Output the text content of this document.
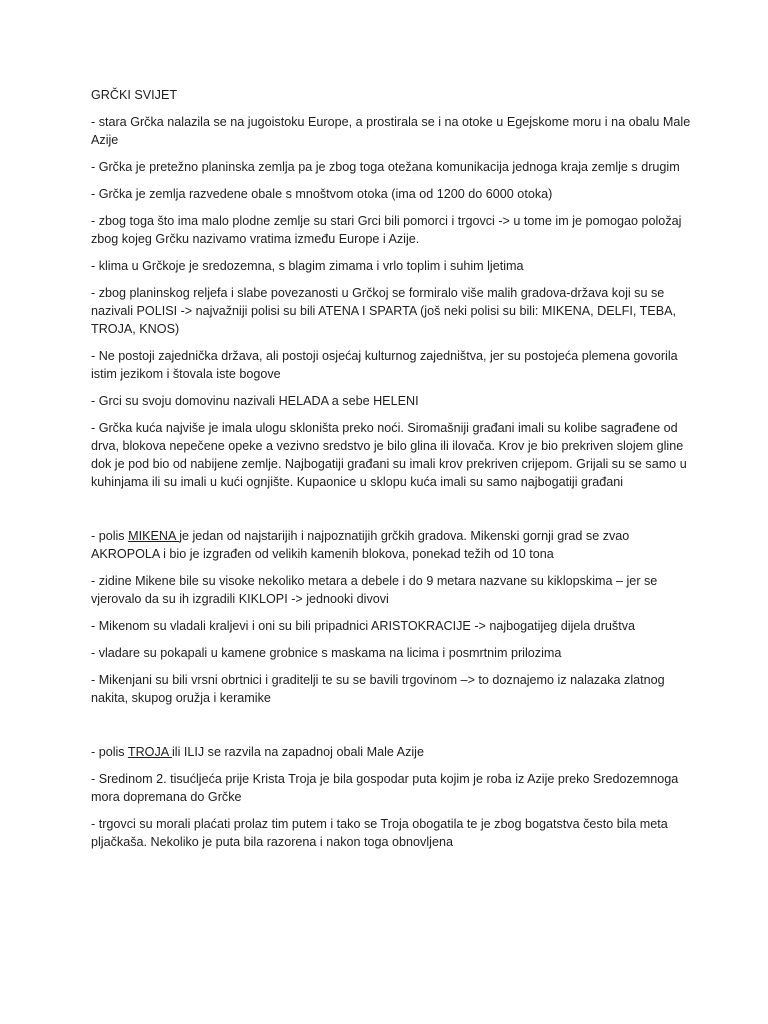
GRČKI SVIJET
- stara Grčka nalazila se na jugoistoku Europe, a prostirala se i na otoke u Egejskome moru i na obalu Male Azije
- Grčka je pretežno planinska zemlja pa je zbog toga otežana komunikacija jednoga kraja zemlje s drugim
- Grčka je zemlja razvedene obale s mnoštvom otoka (ima od 1200 do 6000 otoka)
- zbog toga što ima malo plodne zemlje su stari Grci bili pomorci i trgovci -> u tome im je pomogao položaj zbog kojeg Grčku nazivamo vratima između Europe i Azije.
- klima u Grčkoje je sredozemna, s blagim zimama i vrlo toplim i suhim ljetima
- zbog planinskog reljefa i slabe povezanosti u Grčkoj se formiralo više malih gradova-država koji su se nazivali POLISI -> najvažniji polisi su bili ATENA I SPARTA (još neki polisi su bili: MIKENA, DELFI, TEBA, TROJA, KNOS)
- Ne postoji zajednička država, ali postoji osjećaj kulturnog zajedništva, jer su postojeća plemena govorila istim jezikom i štovala iste bogove
- Grci su svoju domovinu nazivali HELADA a sebe HELENI
- Grčka kuća najviše je imala ulogu skloništa preko noći. Siromašniji građani imali su kolibe sagrađene od drva, blokova nepečene opeke a vezivno sredstvo je bilo glina ili ilovača. Krov je bio prekriven slojem gline dok je pod bio od nabijene zemlje. Najbogatiji građani su imali krov prekriven crijepom. Grijali su se samo u kuhinjama ili su imali u kući ognjište. Kupaonice u sklopu kuća imali su samo najbogatiji građani
- polis MIKENA je jedan od najstarijih i najpoznatijih grčkih gradova. Mikenski gornji grad se zvao AKROPOLA i bio je izgrađen od velikih kamenih blokova, ponekad težih od 10 tona
- zidine Mikene bile su visoke nekoliko metara a debele i do 9 metara nazvane su kiklopskima – jer se vjerovalo da su ih izgradili KIKLOPI -> jednooki divovi
- Mikenom su vladali kraljevi i oni su bili pripadnici ARISTOKRACIJE -> najbogatijeg dijela društva
- vladare su pokapali u kamene grobnice s maskama na licima i posmrtnim prilozima
- Mikenjani su bili vrsni obrtnici i graditelji te su se bavili trgovinom –> to doznajemo iz nalazaka zlatnog nakita, skupog oružja i keramike
- polis TROJA ili ILIJ se razvila na zapadnoj obali Male Azije
- Sredinom 2. tisućljeća prije Krista Troja je bila gospodar puta kojim je roba iz Azije preko Sredozemnoga mora dopremana do Grčke
- trgovci su morali plaćati prolaz tim putem i tako se Troja obogatila te je zbog bogatstva često bila meta pljačkaša. Nekoliko je puta bila razorena i nakon toga obnovljena
